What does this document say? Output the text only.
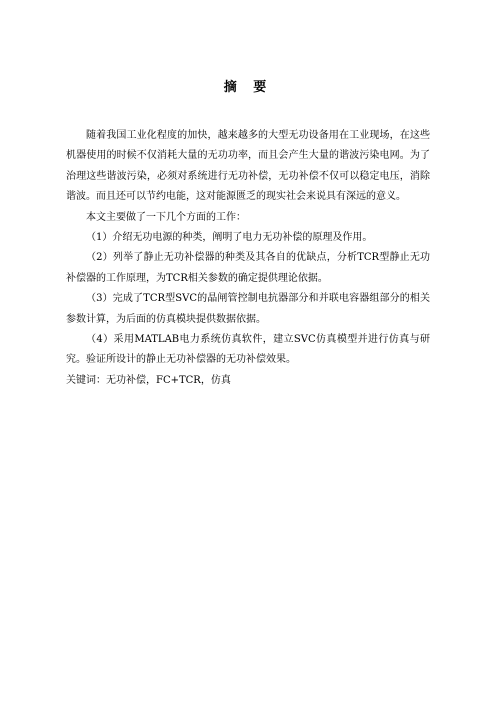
摘 要

随着我国工业化程度的加快，越来越多的大型无功设备用在工业现场，在这些机器使用的时候不仅消耗大量的无功功率，而且会产生大量的谐波污染电网。为了治理这些谐波污染，必须对系统进行无功补偿，无功补偿不仅可以稳定电压，消除谐波。而且还可以节约电能，这对能源匮乏的现实社会来说具有深远的意义。

本文主要做了一下几个方面的工作：

（1）介绍无功电源的种类，阐明了电力无功补偿的原理及作用。

（2）列举了静止无功补偿器的种类及其各自的优缺点，分析TCR型静止无功补偿器的工作原理，为TCR相关参数的确定提供理论依据。

（3）完成了TCR型SVC的晶闸管控制电抗器部分和并联电容器组部分的相关参数计算，为后面的仿真模块提供数据依据。

（4）采用MATLAB电力系统仿真软件，建立SVC仿真模型并进行仿真与研究。验证所设计的静止无功补偿器的无功补偿效果。

关键词：无功补偿，FC+TCR，仿真
